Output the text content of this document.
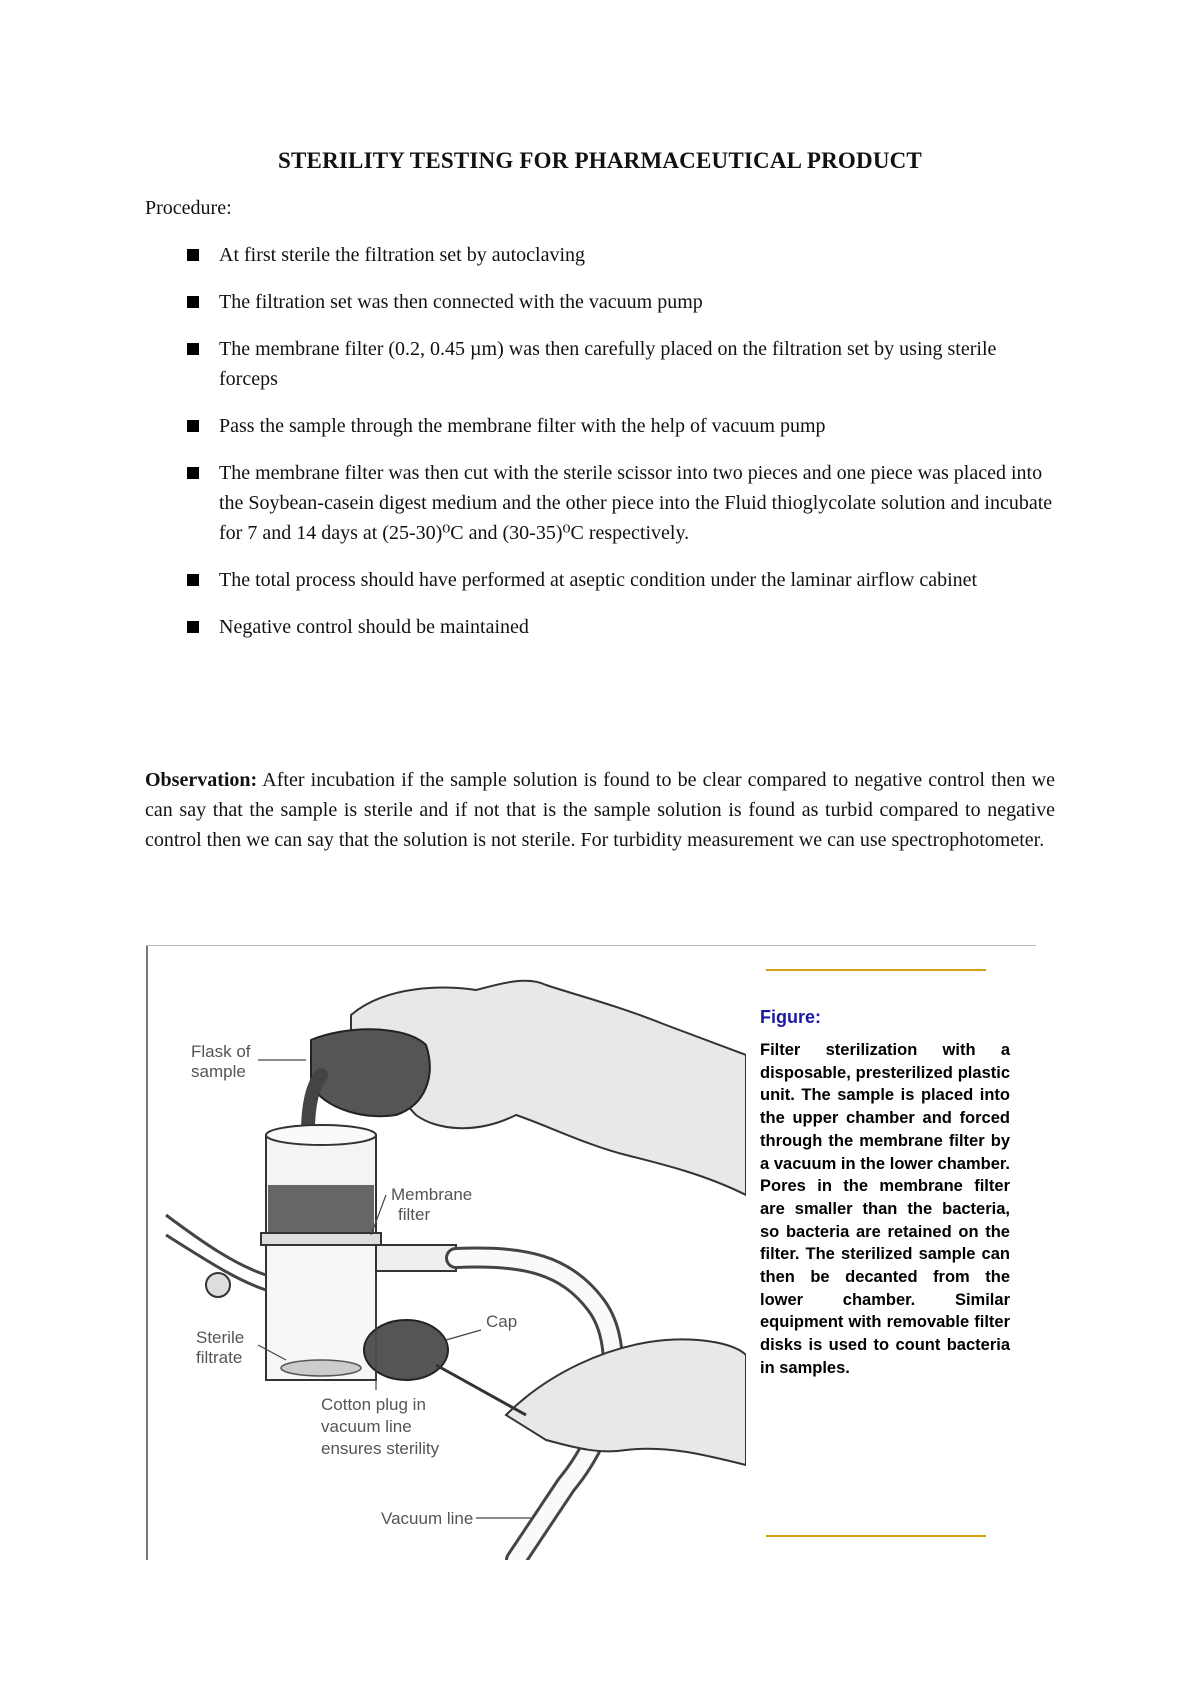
STERILITY TESTING FOR PHARMACEUTICAL PRODUCT
Procedure:
At first sterile the filtration set by autoclaving
The filtration set was then connected with the vacuum pump
The membrane filter (0.2, 0.45 µm) was then carefully placed on the filtration set by using sterile forceps
Pass the sample through the membrane filter with the help of vacuum pump
The membrane filter was then cut with the sterile scissor into two pieces and one piece was placed into the Soybean-casein digest medium and the other piece into the Fluid thioglycolate solution and incubate for 7 and 14 days at (25-30)⁰C and (30-35)⁰C respectively.
The total process should have performed at aseptic condition under the laminar airflow cabinet
Negative control should be maintained
Observation: After incubation if the sample solution is found to be clear compared to negative control then we can say that the sample is sterile and if not that is the sample solution is found as turbid compared to negative control then we can say that the solution is not sterile. For turbidity measurement we can use spectrophotometer.
Flask of
sample
Membrane
filter
Cap
Sterile
filtrate
Cotton plug in
vacuum line
ensures sterility
Vacuum line
Figure:
Filter sterilization with a disposable, presterilized plastic unit. The sample is placed into the upper chamber and forced through the membrane filter by a vacuum in the lower chamber. Pores in the membrane filter are smaller than the bacteria, so bacteria are retained on the filter. The sterilized sample can then be decanted from the lower chamber. Similar equipment with removable filter disks is used to count bacteria in samples.
